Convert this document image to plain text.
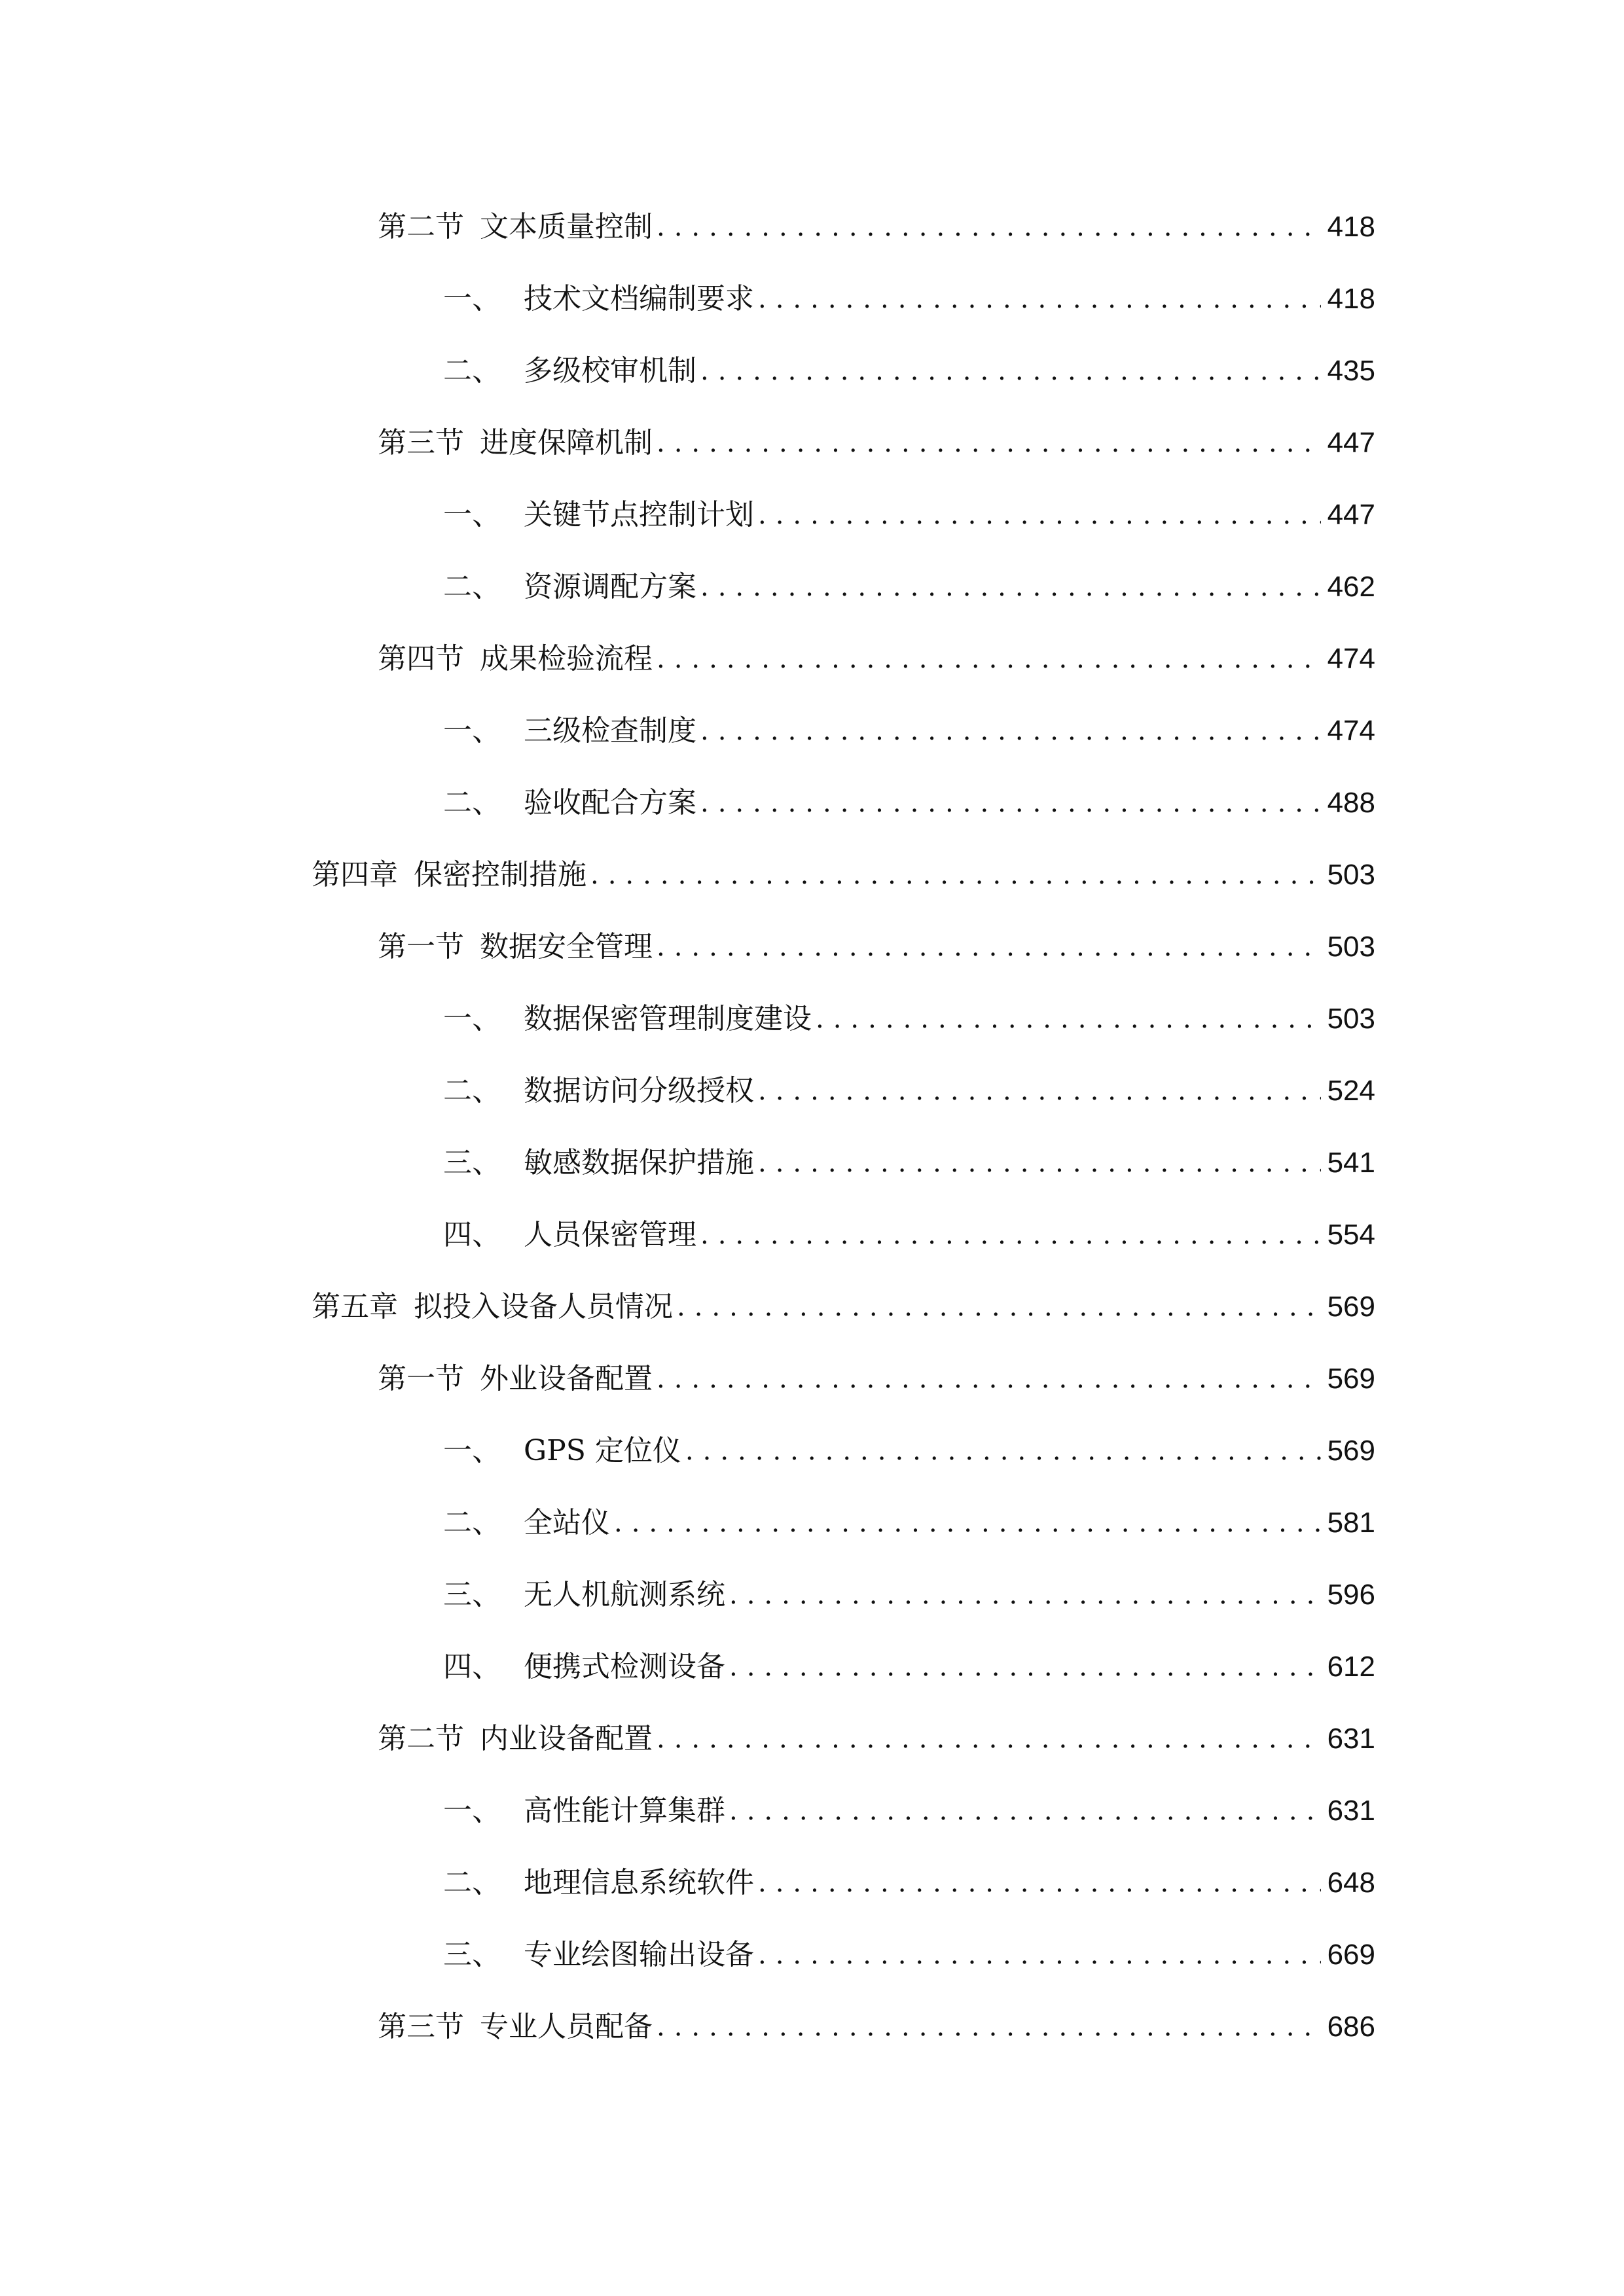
第二节 文本质量控制 .....	418
一、 技术文档编制要求 .....	418
二、 多级校审机制 .....	435
第三节 进度保障机制 .....	447
一、 关键节点控制计划 .....	447
二、 资源调配方案 .....	462
第四节 成果检验流程 .....	474
一、 三级检查制度 .....	474
二、 验收配合方案 .....	488
第四章 保密控制措施 .....	503
第一节 数据安全管理 .....	503
一、 数据保密管理制度建设 .....	503
二、 数据访问分级授权 .....	524
三、 敏感数据保护措施 .....	541
四、 人员保密管理 .....	554
第五章 拟投入设备人员情况 .....	569
第一节 外业设备配置 .....	569
一、 GPS 定位仪 .....	569
二、 全站仪 .....	581
三、 无人机航测系统 .....	596
四、 便携式检测设备 .....	612
第二节 内业设备配置 .....	631
一、 高性能计算集群 .....	631
二、 地理信息系统软件 .....	648
三、 专业绘图输出设备 .....	669
第三节 专业人员配备 .....	686
